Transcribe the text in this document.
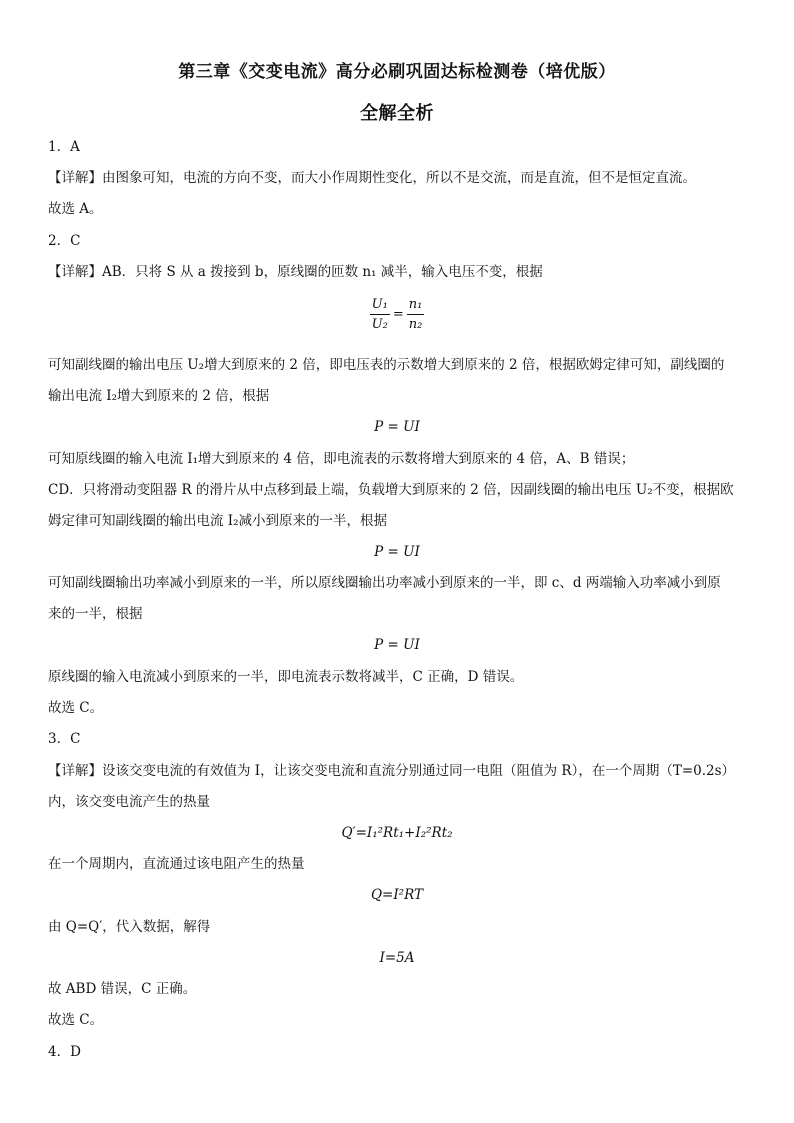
第三章《交变电流》高分必刷巩固达标检测卷（培优版）
全解全析
1．A
【详解】由图象可知，电流的方向不变，而大小作周期性变化，所以不是交流，而是直流，但不是恒定直流。
故选 A。
2．C
【详解】AB．只将 S 从 a 拨接到 b，原线圈的匝数 n₁ 减半，输入电压不变，根据
$\frac{\text{U₁}}{\text{U₂}} = \frac{\text{n₁}}{\text{n₂}}$
可知副线圈的输出电压 U₂增大到原来的 2 倍，即电压表的示数增大到原来的 2 倍，根据欧姆定律可知，副线圈的
输出电流 I₂增大到原来的 2 倍，根据
P = UI
可知原线圈的输入电流 I₁增大到原来的 4 倍，即电流表的示数将增大到原来的 4 倍，A、B 错误；
CD．只将滑动变阻器 R 的滑片从中点移到最上端，负载增大到原来的 2 倍，因副线圈的输出电压 U₂不变，根据欧
姆定律可知副线圈的输出电流 I₂减小到原来的一半，根据
P = UI
可知副线圈输出功率减小到原来的一半，所以原线圈输出功率减小到原来的一半，即 c、d 两端输入功率减小到原
来的一半，根据
P = UI
原线圈的输入电流减小到原来的一半，即电流表示数将减半，C 正确，D 错误。
故选 C。
3．C
【详解】设该交变电流的有效值为 I，让该交变电流和直流分别通过同一电阻（阻值为 R），在一个周期（T=0.2s）
内，该交变电流产生的热量
Q′=I₁²Rt₁+I₂²Rt₂
在一个周期内，直流通过该电阻产生的热量
Q=I²RT
由 Q=Q′，代入数据，解得
I=5A
故 ABD 错误，C 正确。
故选 C。
4．D
